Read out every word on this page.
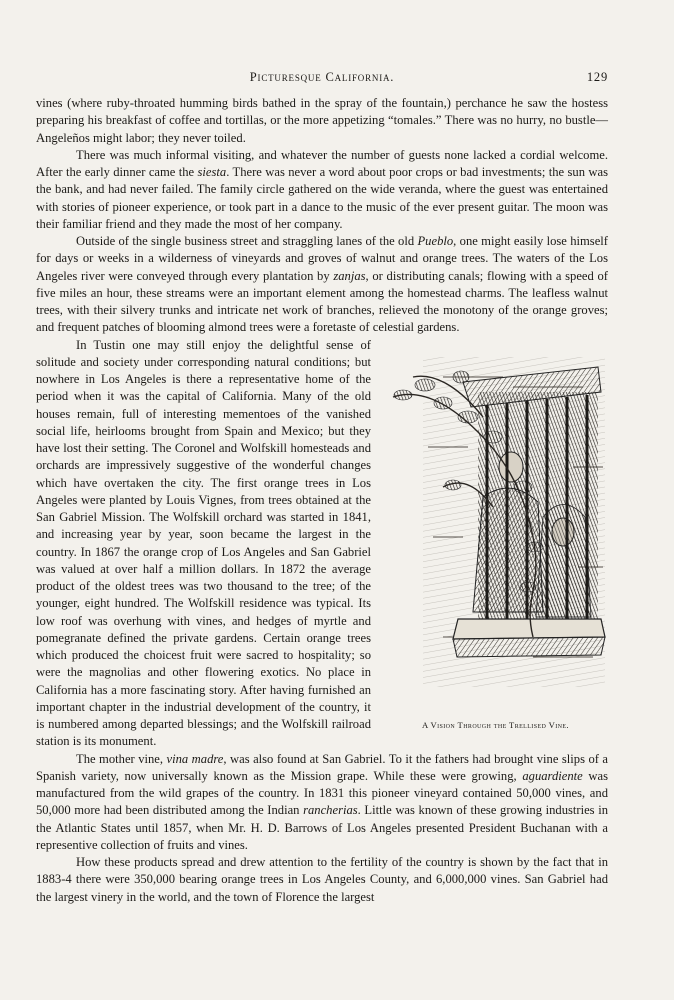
Picturesque California.	129

vines (where ruby-throated humming birds bathed in the spray of the fountain,) perchance he saw the hostess preparing his breakfast of coffee and tortillas, or the more appetizing “tomales.” There was no hurry, no bustle—Angeleños might labor; they never toiled.

There was much informal visiting, and whatever the number of guests none lacked a cordial welcome. After the early dinner came the siesta. There was never a word about poor crops or bad investments; the sun was the bank, and had never failed. The family circle gathered on the wide veranda, where the guest was entertained with stories of pioneer experience, or took part in a dance to the music of the ever present guitar. The moon was their familiar friend and they made the most of her company.

Outside of the single business street and straggling lanes of the old Pueblo, one might easily lose himself for days or weeks in a wilderness of vineyards and groves of walnut and orange trees. The waters of the Los Angeles river were conveyed through every plantation by zanjas, or distributing canals; flowing with a speed of five miles an hour, these streams were an important element among the homestead charms. The leafless walnut trees, with their silvery trunks and intricate net work of branches, relieved the monotony of the orange groves; and frequent patches of blooming almond trees were a foretaste of celestial gardens.

A Vision Through the Trellised Vine.

In Tustin one may still enjoy the delightful sense of solitude and society under corresponding natural conditions; but nowhere in Los Angeles is there a representative home of the period when it was the capital of California. Many of the old houses remain, full of interesting mementoes of the vanished social life, heirlooms brought from Spain and Mexico; but they have lost their setting. The Coronel and Wolfskill homesteads and orchards are impressively suggestive of the wonderful changes which have overtaken the city. The first orange trees in Los Angeles were planted by Louis Vignes, from trees obtained at the San Gabriel Mission. The Wolfskill orchard was started in 1841, and increasing year by year, soon became the largest in the country. In 1867 the orange crop of Los Angeles and San Gabriel was valued at over half a million dollars. In 1872 the average product of the oldest trees was two thousand to the tree; of the younger, eight hundred. The Wolfskill residence was typical. Its low roof was overhung with vines, and hedges of myrtle and pomegranate defined the private gardens. Certain orange trees which produced the choicest fruit were sacred to hospitality; so were the magnolias and other flowering exotics. No place in California has a more fascinating story. After having furnished an important chapter in the industrial development of the country, it is numbered among departed blessings; and the Wolfskill railroad station is its monument.

The mother vine, vina madre, was also found at San Gabriel. To it the fathers had brought vine slips of a Spanish variety, now universally known as the Mission grape. While these were growing, aguardiente was manufactured from the wild grapes of the country. In 1831 this pioneer vineyard contained 50,000 vines, and 50,000 more had been distributed among the Indian rancherias. Little was known of these growing industries in the Atlantic States until 1857, when Mr. H. D. Barrows of Los Angeles presented President Buchanan with a representive collection of fruits and vines.

How these products spread and drew attention to the fertility of the country is shown by the fact that in 1883-4 there were 350,000 bearing orange trees in Los Angeles County, and 6,000,000 vines. San Gabriel had the largest vinery in the world, and the town of Florence the largest
